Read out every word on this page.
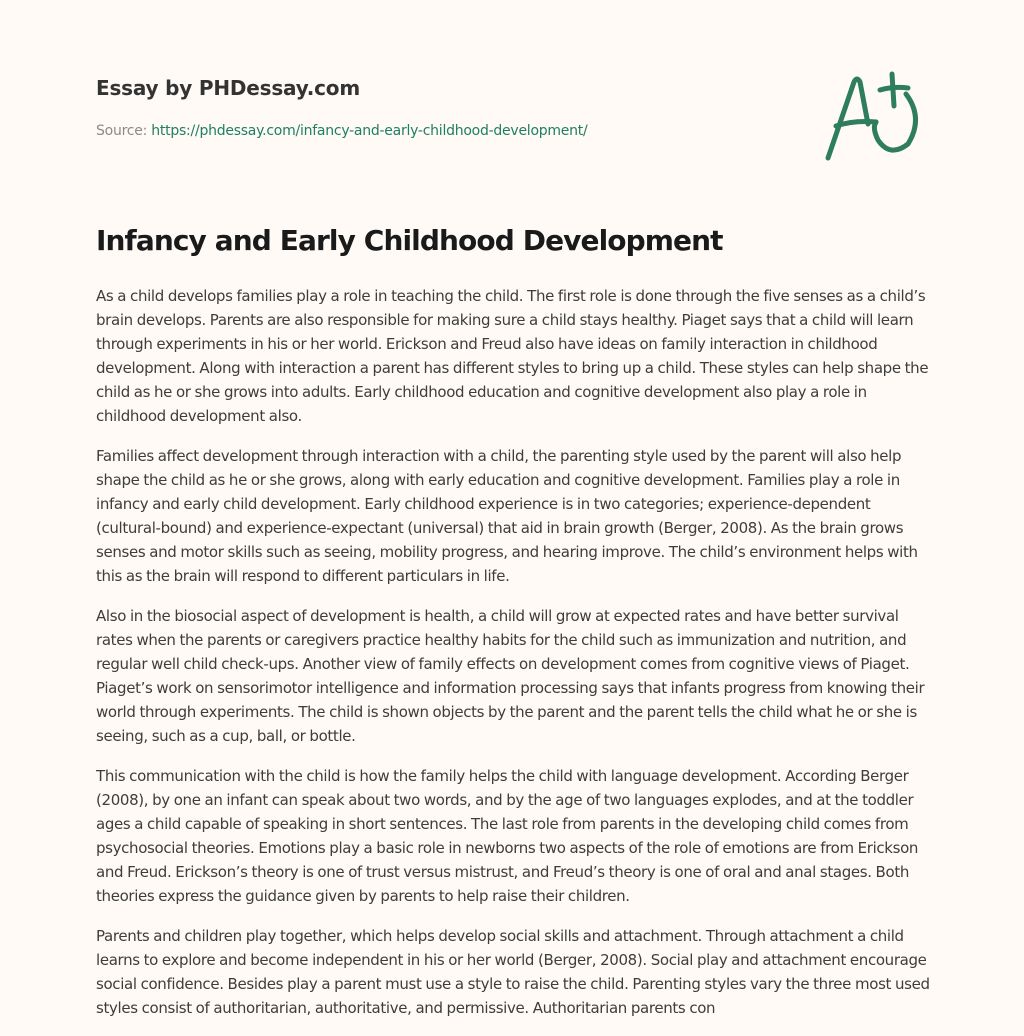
Essay by PHDessay.com
Source: https://phdessay.com/infancy-and-early-childhood-development/
Infancy and Early Childhood Development

As a child develops families play a role in teaching the child. The first role is done through the five senses as a child’s brain develops. Parents are also responsible for making sure a child stays healthy. Piaget says that a child will learn through experiments in his or her world. Erickson and Freud also have ideas on family interaction in childhood development. Along with interaction a parent has different styles to bring up a child. These styles can help shape the child as he or she grows into adults. Early childhood education and cognitive development also play a role in childhood development also.

Families affect development through interaction with a child, the parenting style used by the parent will also help shape the child as he or she grows, along with early education and cognitive development. Families play a role in infancy and early child development. Early childhood experience is in two categories; experience-dependent (cultural-bound) and experience-expectant (universal) that aid in brain growth (Berger, 2008). As the brain grows senses and motor skills such as seeing, mobility progress, and hearing improve. The child’s environment helps with this as the brain will respond to different particulars in life.

Also in the biosocial aspect of development is health, a child will grow at expected rates and have better survival rates when the parents or caregivers practice healthy habits for the child such as immunization and nutrition, and regular well child check-ups. Another view of family effects on development comes from cognitive views of Piaget. Piaget’s work on sensorimotor intelligence and information processing says that infants progress from knowing their world through experiments. The child is shown objects by the parent and the parent tells the child what he or she is seeing, such as a cup, ball, or bottle.

This communication with the child is how the family helps the child with language development. According Berger (2008), by one an infant can speak about two words, and by the age of two languages explodes, and at the toddler ages a child capable of speaking in short sentences. The last role from parents in the developing child comes from psychosocial theories. Emotions play a basic role in newborns two aspects of the role of emotions are from Erickson and Freud. Erickson’s theory is one of trust versus mistrust, and Freud’s theory is one of oral and anal stages. Both theories express the guidance given by parents to help raise their children.

Parents and children play together, which helps develop social skills and attachment. Through attachment a child learns to explore and become independent in his or her world (Berger, 2008). Social play and attachment encourage social confidence. Besides play a parent must use a style to raise the child. Parenting styles vary the three most used styles consist of authoritarian, authoritative, and permissive. Authoritarian parents con
